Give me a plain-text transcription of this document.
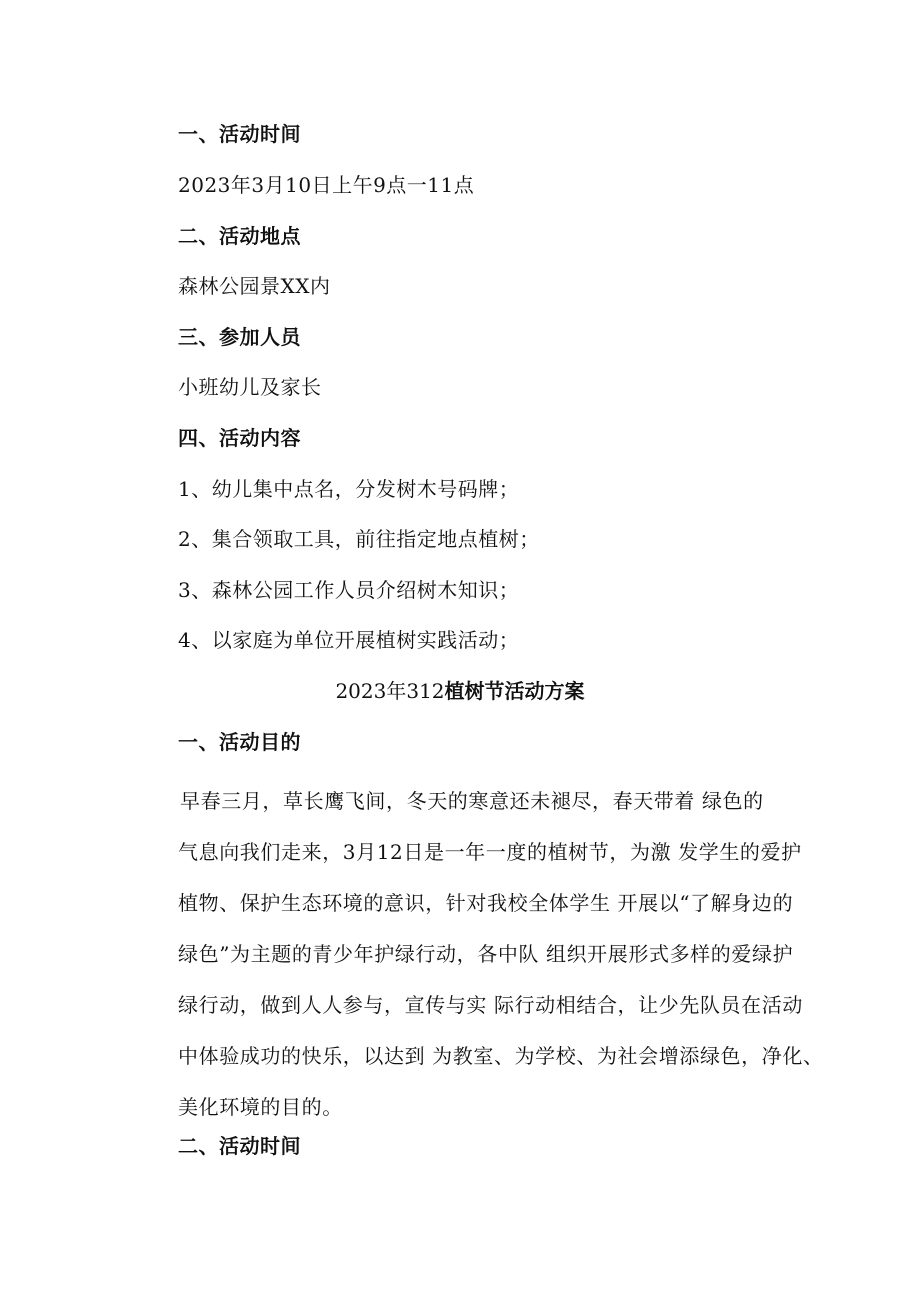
一、活动时间
2023年3月10日上午9点一11点
二、活动地点
森林公园景XX内
三、参加人员
小班幼儿及家长
四、活动内容
1、幼儿集中点名，分发树木号码牌；
2、集合领取工具，前往指定地点植树；
3、森林公园工作人员介绍树木知识；
4、以家庭为单位开展植树实践活动；
2023年312植树节活动方案
一、活动目的
早春三月，草长鹰飞间，冬天的寒意还未褪尽，春天带着 绿色的
气息向我们走来，3月12日是一年一度的植树节，为激 发学生的爱护
植物、保护生态环境的意识，针对我校全体学生 开展以“了解身边的
绿色”为主题的青少年护绿行动，各中队 组织开展形式多样的爱绿护
绿行动，做到人人参与，宣传与实 际行动相结合，让少先队员在活动
中体验成功的快乐，以达到 为教室、为学校、为社会增添绿色，净化、
美化环境的目的。
二、活动时间
